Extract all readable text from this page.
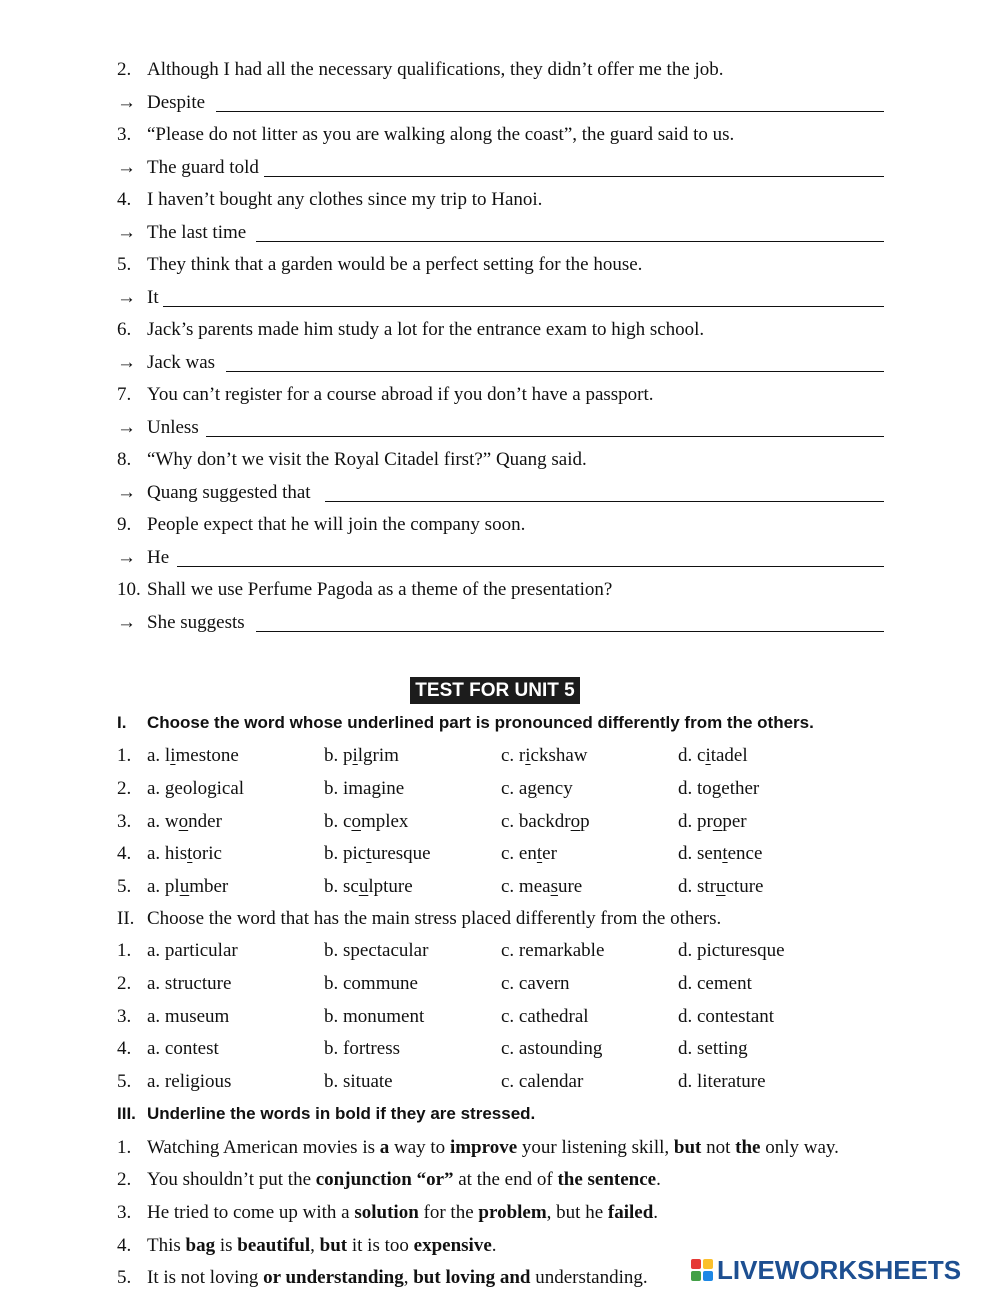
2. Although I had all the necessary qualifications, they didn’t offer me the job.
→ Despite
3. “Please do not litter as you are walking along the coast”, the guard said to us.
→ The guard told
4. I haven’t bought any clothes since my trip to Hanoi.
→ The last time
5. They think that a garden would be a perfect setting for the house.
→ It
6. Jack’s parents made him study a lot for the entrance exam to high school.
→ Jack was
7. You can’t register for a course abroad if you don’t have a passport.
→ Unless
8. “Why don’t we visit the Royal Citadel first?” Quang said.
→ Quang suggested that
9. People expect that he will join the company soon.
→ He
10. Shall we use Perfume Pagoda as a theme of the presentation?
→ She suggests
TEST FOR UNIT 5
I. Choose the word whose underlined part is pronounced differently from the others.
1. a. limestone	b. pilgrim	c. rickshaw	d. citadel
2. a. geological	b. imagine	c. agency	d. together
3. a. wonder	b. complex	c. backdrop	d. proper
4. a. historic	b. picturesque	c. enter	d. sentence
5. a. plumber	b. sculpture	c. measure	d. structure
II. Choose the word that has the main stress placed differently from the others.
1. a. particular	b. spectacular	c. remarkable	d. picturesque
2. a. structure	b. commune	c. cavern	d. cement
3. a. museum	b. monument	c. cathedral	d. contestant
4. a. contest	b. fortress	c. astounding	d. setting
5. a. religious	b. situate	c. calendar	d. literature
III. Underline the words in bold if they are stressed.
1. Watching American movies is a way to improve your listening skill, but not the only way.
2. You shouldn’t put the conjunction “or” at the end of the sentence.
3. He tried to come up with a solution for the problem, but he failed.
4. This bag is beautiful, but it is too expensive.
5. It is not loving or understanding, but loving and understanding.	LIVEWORKSHEETS
